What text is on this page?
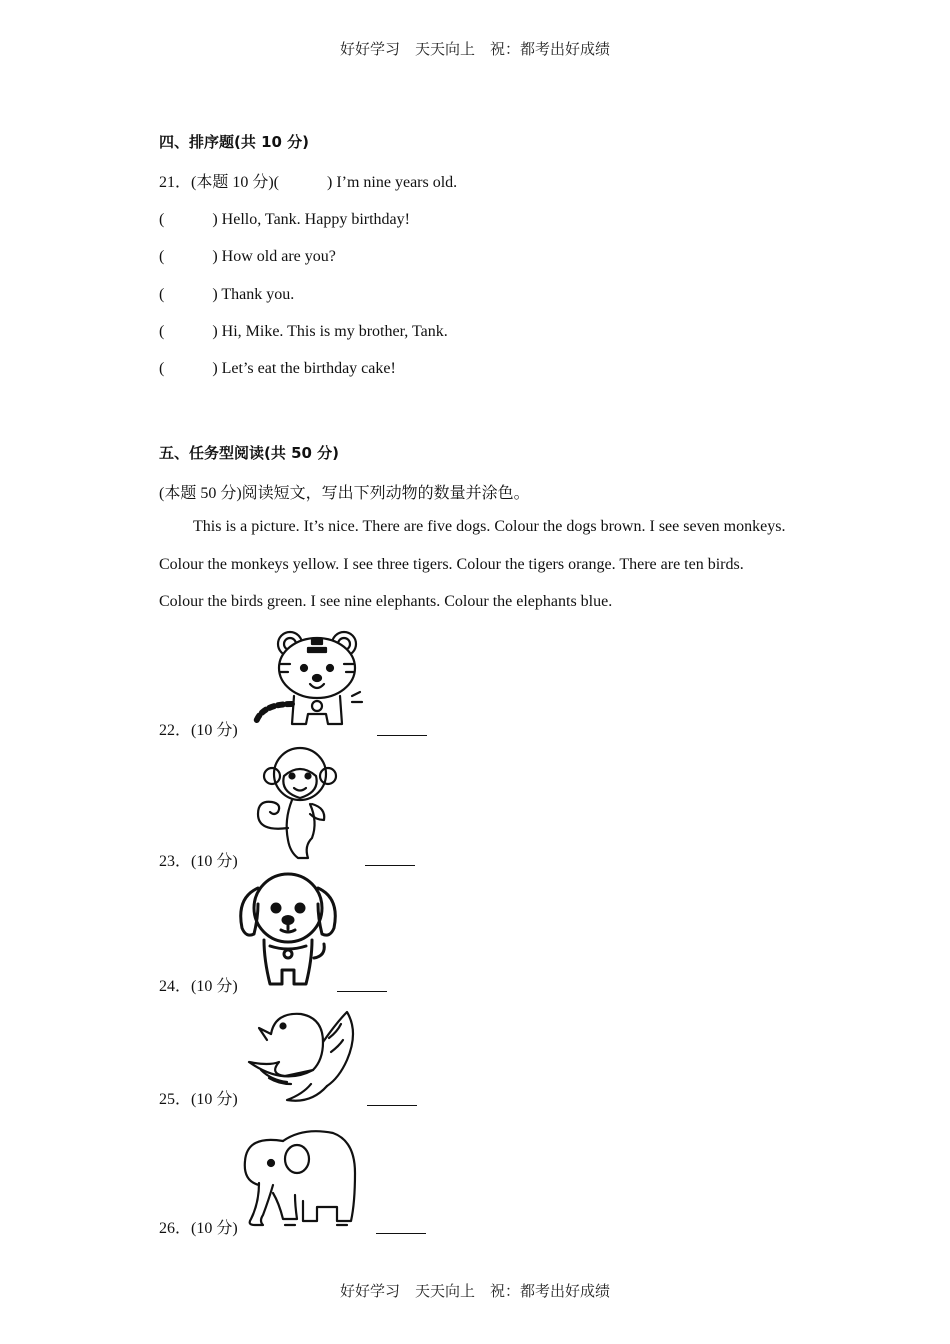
好好学习　天天向上　祝：都考出好成绩
四、排序题(共 10 分)
21．(本题 10 分)(　　　) I’m nine years old.
(　　　) Hello, Tank. Happy birthday!
(　　　) How old are you?
(　　　) Thank you.
(　　　) Hi, Mike. This is my brother, Tank.
(　　　) Let’s eat the birthday cake!
五、任务型阅读(共 50 分)
(本题 50 分)阅读短文，写出下列动物的数量并涂色。
This is a picture. It’s nice. There are five dogs. Colour the dogs brown. I see seven monkeys. Colour the monkeys yellow. I see three tigers. Colour the tigers orange. There are ten birds. Colour the birds green. I see nine elephants. Colour the elephants blue.
22．(10 分)
23．(10 分)
24．(10 分)
25．(10 分)
26．(10 分)
好好学习　天天向上　祝：都考出好成绩
